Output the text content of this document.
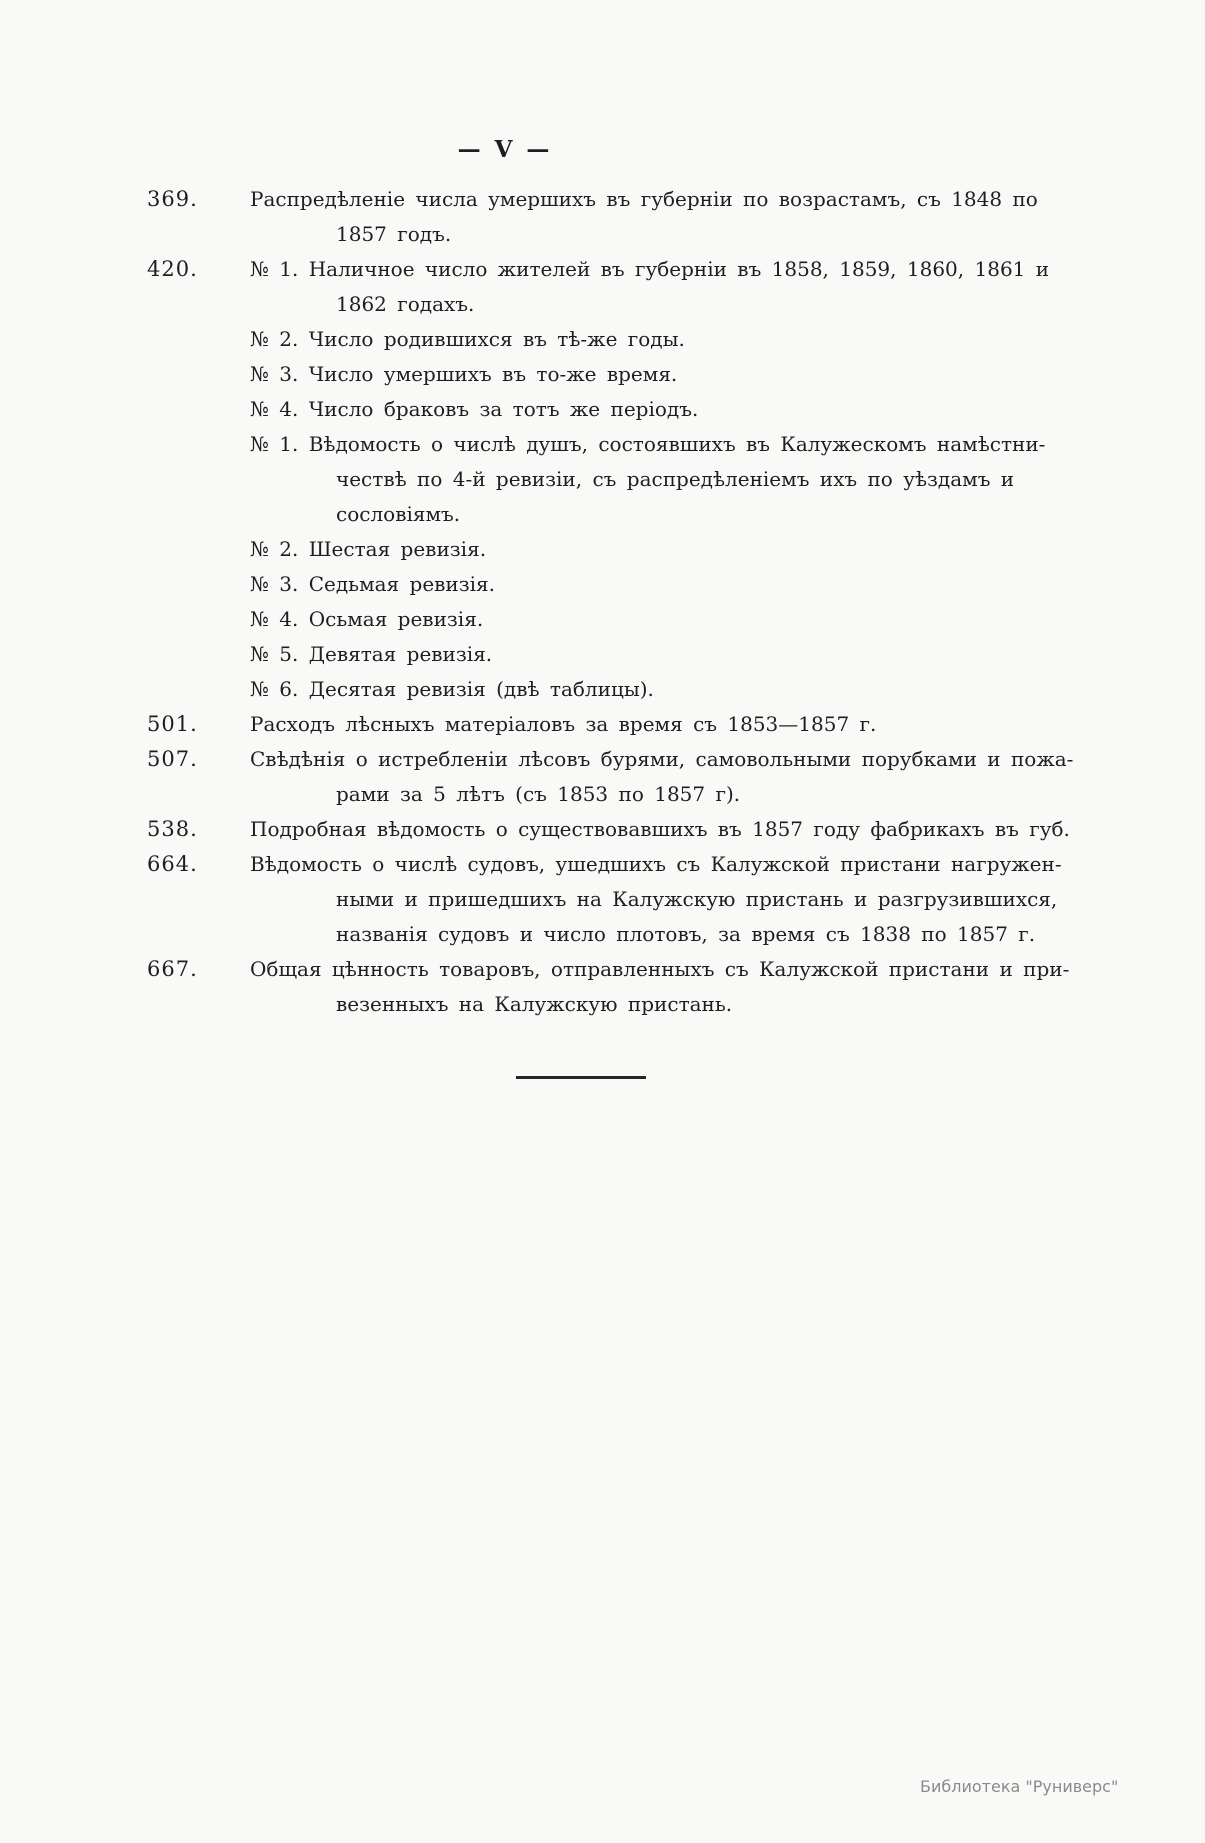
— V —
369.	Распредѣленіе числа умершихъ въ губерніи по возрастамъ, съ 1848 по
1857 годъ.
420.	№ 1. Наличное число жителей въ губерніи въ 1858, 1859, 1860, 1861 и
1862 годахъ.
№ 2. Число родившихся въ тѣ-же годы.
№ 3. Число умершихъ въ то-же время.
№ 4. Число браковъ за тотъ же періодъ.
№ 1. Вѣдомость о числѣ душъ, состоявшихъ въ Калужескомъ намѣстни-
чествѣ по 4-й ревизіи, съ распредѣленіемъ ихъ по уѣздамъ и
сословіямъ.
№ 2. Шестая ревизія.
№ 3. Седьмая ревизія.
№ 4. Осьмая ревизія.
№ 5. Девятая ревизія.
№ 6. Десятая ревизія (двѣ таблицы).
501.	Расходъ лѣсныхъ матеріаловъ за время съ 1853—1857 г.
507.	Свѣдѣнія о истребленіи лѣсовъ бурями, самовольными порубками и пожа-
рами за 5 лѣтъ (съ 1853 по 1857 г).
538.	Подробная вѣдомость о существовавшихъ въ 1857 году фабрикахъ въ губ.
664.	Вѣдомость о числѣ судовъ, ушедшихъ съ Калужской пристани нагружен-
ными и пришедшихъ на Калужскую пристань и разгрузившихся,
названія судовъ и число плотовъ, за время съ 1838 по 1857 г.
667.	Общая цѣнность товаровъ, отправленныхъ съ Калужской пристани и при-
везенныхъ на Калужскую пристань.
Библиотека "Руниверс"
